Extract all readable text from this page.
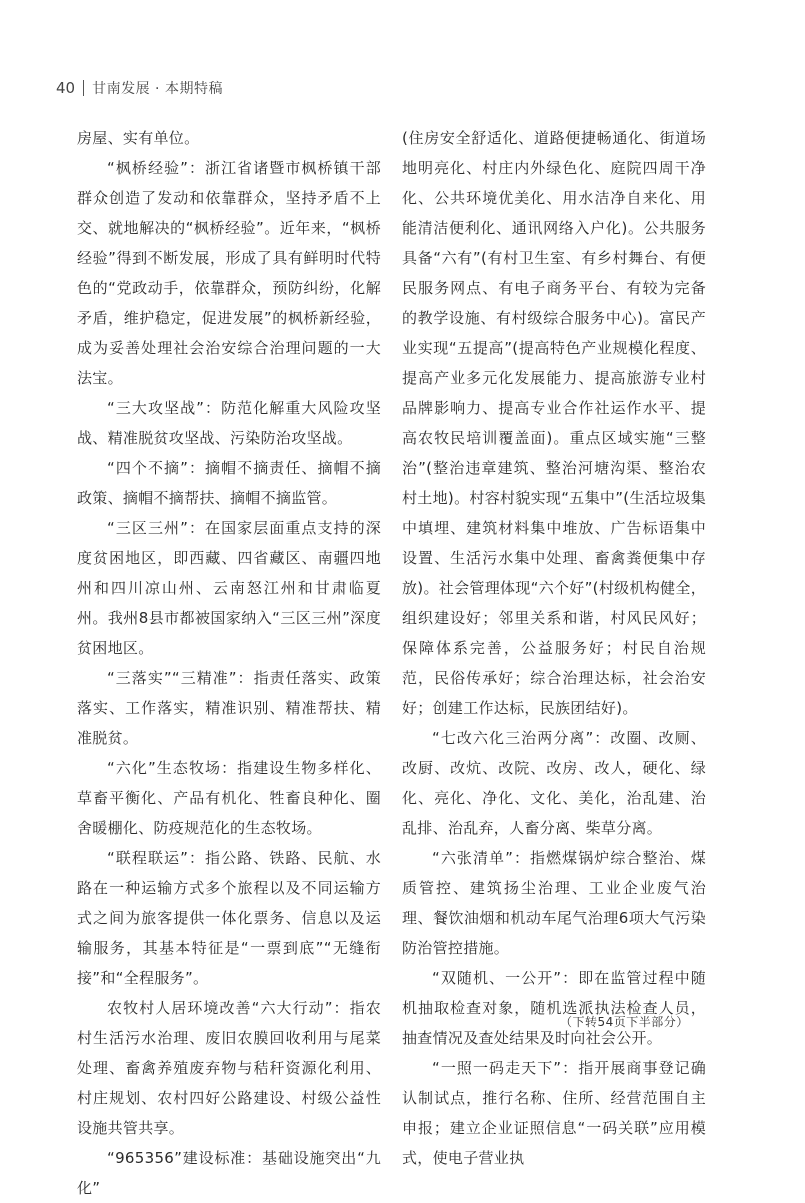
40 甘南发展 · 本期特稿

房屋、实有单位。

“枫桥经验”：浙江省诸暨市枫桥镇干部群众创造了发动和依靠群众，坚持矛盾不上交、就地解决的“枫桥经验”。近年来，“枫桥经验”得到不断发展，形成了具有鲜明时代特色的“党政动手，依靠群众，预防纠纷，化解矛盾，维护稳定，促进发展”的枫桥新经验，成为妥善处理社会治安综合治理问题的一大法宝。

“三大攻坚战”：防范化解重大风险攻坚战、精准脱贫攻坚战、污染防治攻坚战。

“四个不摘”：摘帽不摘责任、摘帽不摘政策、摘帽不摘帮扶、摘帽不摘监管。

“三区三州”：在国家层面重点支持的深度贫困地区，即西藏、四省藏区、南疆四地州和四川凉山州、云南怒江州和甘肃临夏州。我州8县市都被国家纳入“三区三州”深度贫困地区。

“三落实”“三精准”：指责任落实、政策落实、工作落实，精准识别、精准帮扶、精准脱贫。

“六化”生态牧场：指建设生物多样化、草畜平衡化、产品有机化、牲畜良种化、圈舍暖棚化、防疫规范化的生态牧场。

“联程联运”：指公路、铁路、民航、水路在一种运输方式多个旅程以及不同运输方式之间为旅客提供一体化票务、信息以及运输服务，其基本特征是“一票到底”“无缝衔接”和“全程服务”。

农牧村人居环境改善“六大行动”：指农村生活污水治理、废旧农膜回收利用与尾菜处理、畜禽养殖废弃物与秸秆资源化利用、村庄规划、农村四好公路建设、村级公益性设施共管共享。

“965356”建设标准：基础设施突出“九化”

(住房安全舒适化、道路便捷畅通化、街道场地明亮化、村庄内外绿色化、庭院四周干净化、公共环境优美化、用水洁净自来化、用能清洁便利化、通讯网络入户化)。公共服务具备“六有”(有村卫生室、有乡村舞台、有便民服务网点、有电子商务平台、有较为完备的教学设施、有村级综合服务中心)。富民产业实现“五提高”(提高特色产业规模化程度、提高产业多元化发展能力、提高旅游专业村品牌影响力、提高专业合作社运作水平、提高农牧民培训覆盖面)。重点区域实施“三整治”(整治违章建筑、整治河塘沟渠、整治农村土地)。村容村貌实现“五集中”(生活垃圾集中填埋、建筑材料集中堆放、广告标语集中设置、生活污水集中处理、畜禽粪便集中存放)。社会管理体现“六个好”(村级机构健全，组织建设好；邻里关系和谐，村风民风好；保障体系完善，公益服务好；村民自治规范，民俗传承好；综合治理达标，社会治安好；创建工作达标，民族团结好)。

“七改六化三治两分离”：改圈、改厕、改厨、改炕、改院、改房、改人，硬化、绿化、亮化、净化、文化、美化，治乱建、治乱排、治乱弃，人畜分离、柴草分离。

“六张清单”：指燃煤锅炉综合整治、煤质管控、建筑扬尘治理、工业企业废气治理、餐饮油烟和机动车尾气治理6项大气污染防治管控措施。

“双随机、一公开”：即在监管过程中随机抽取检查对象，随机选派执法检查人员，抽查情况及查处结果及时向社会公开。

“一照一码走天下”：指开展商事登记确认制试点，推行名称、住所、经营范围自主申报；建立企业证照信息“一码关联”应用模式，使电子营业执

（下转54页下半部分）
